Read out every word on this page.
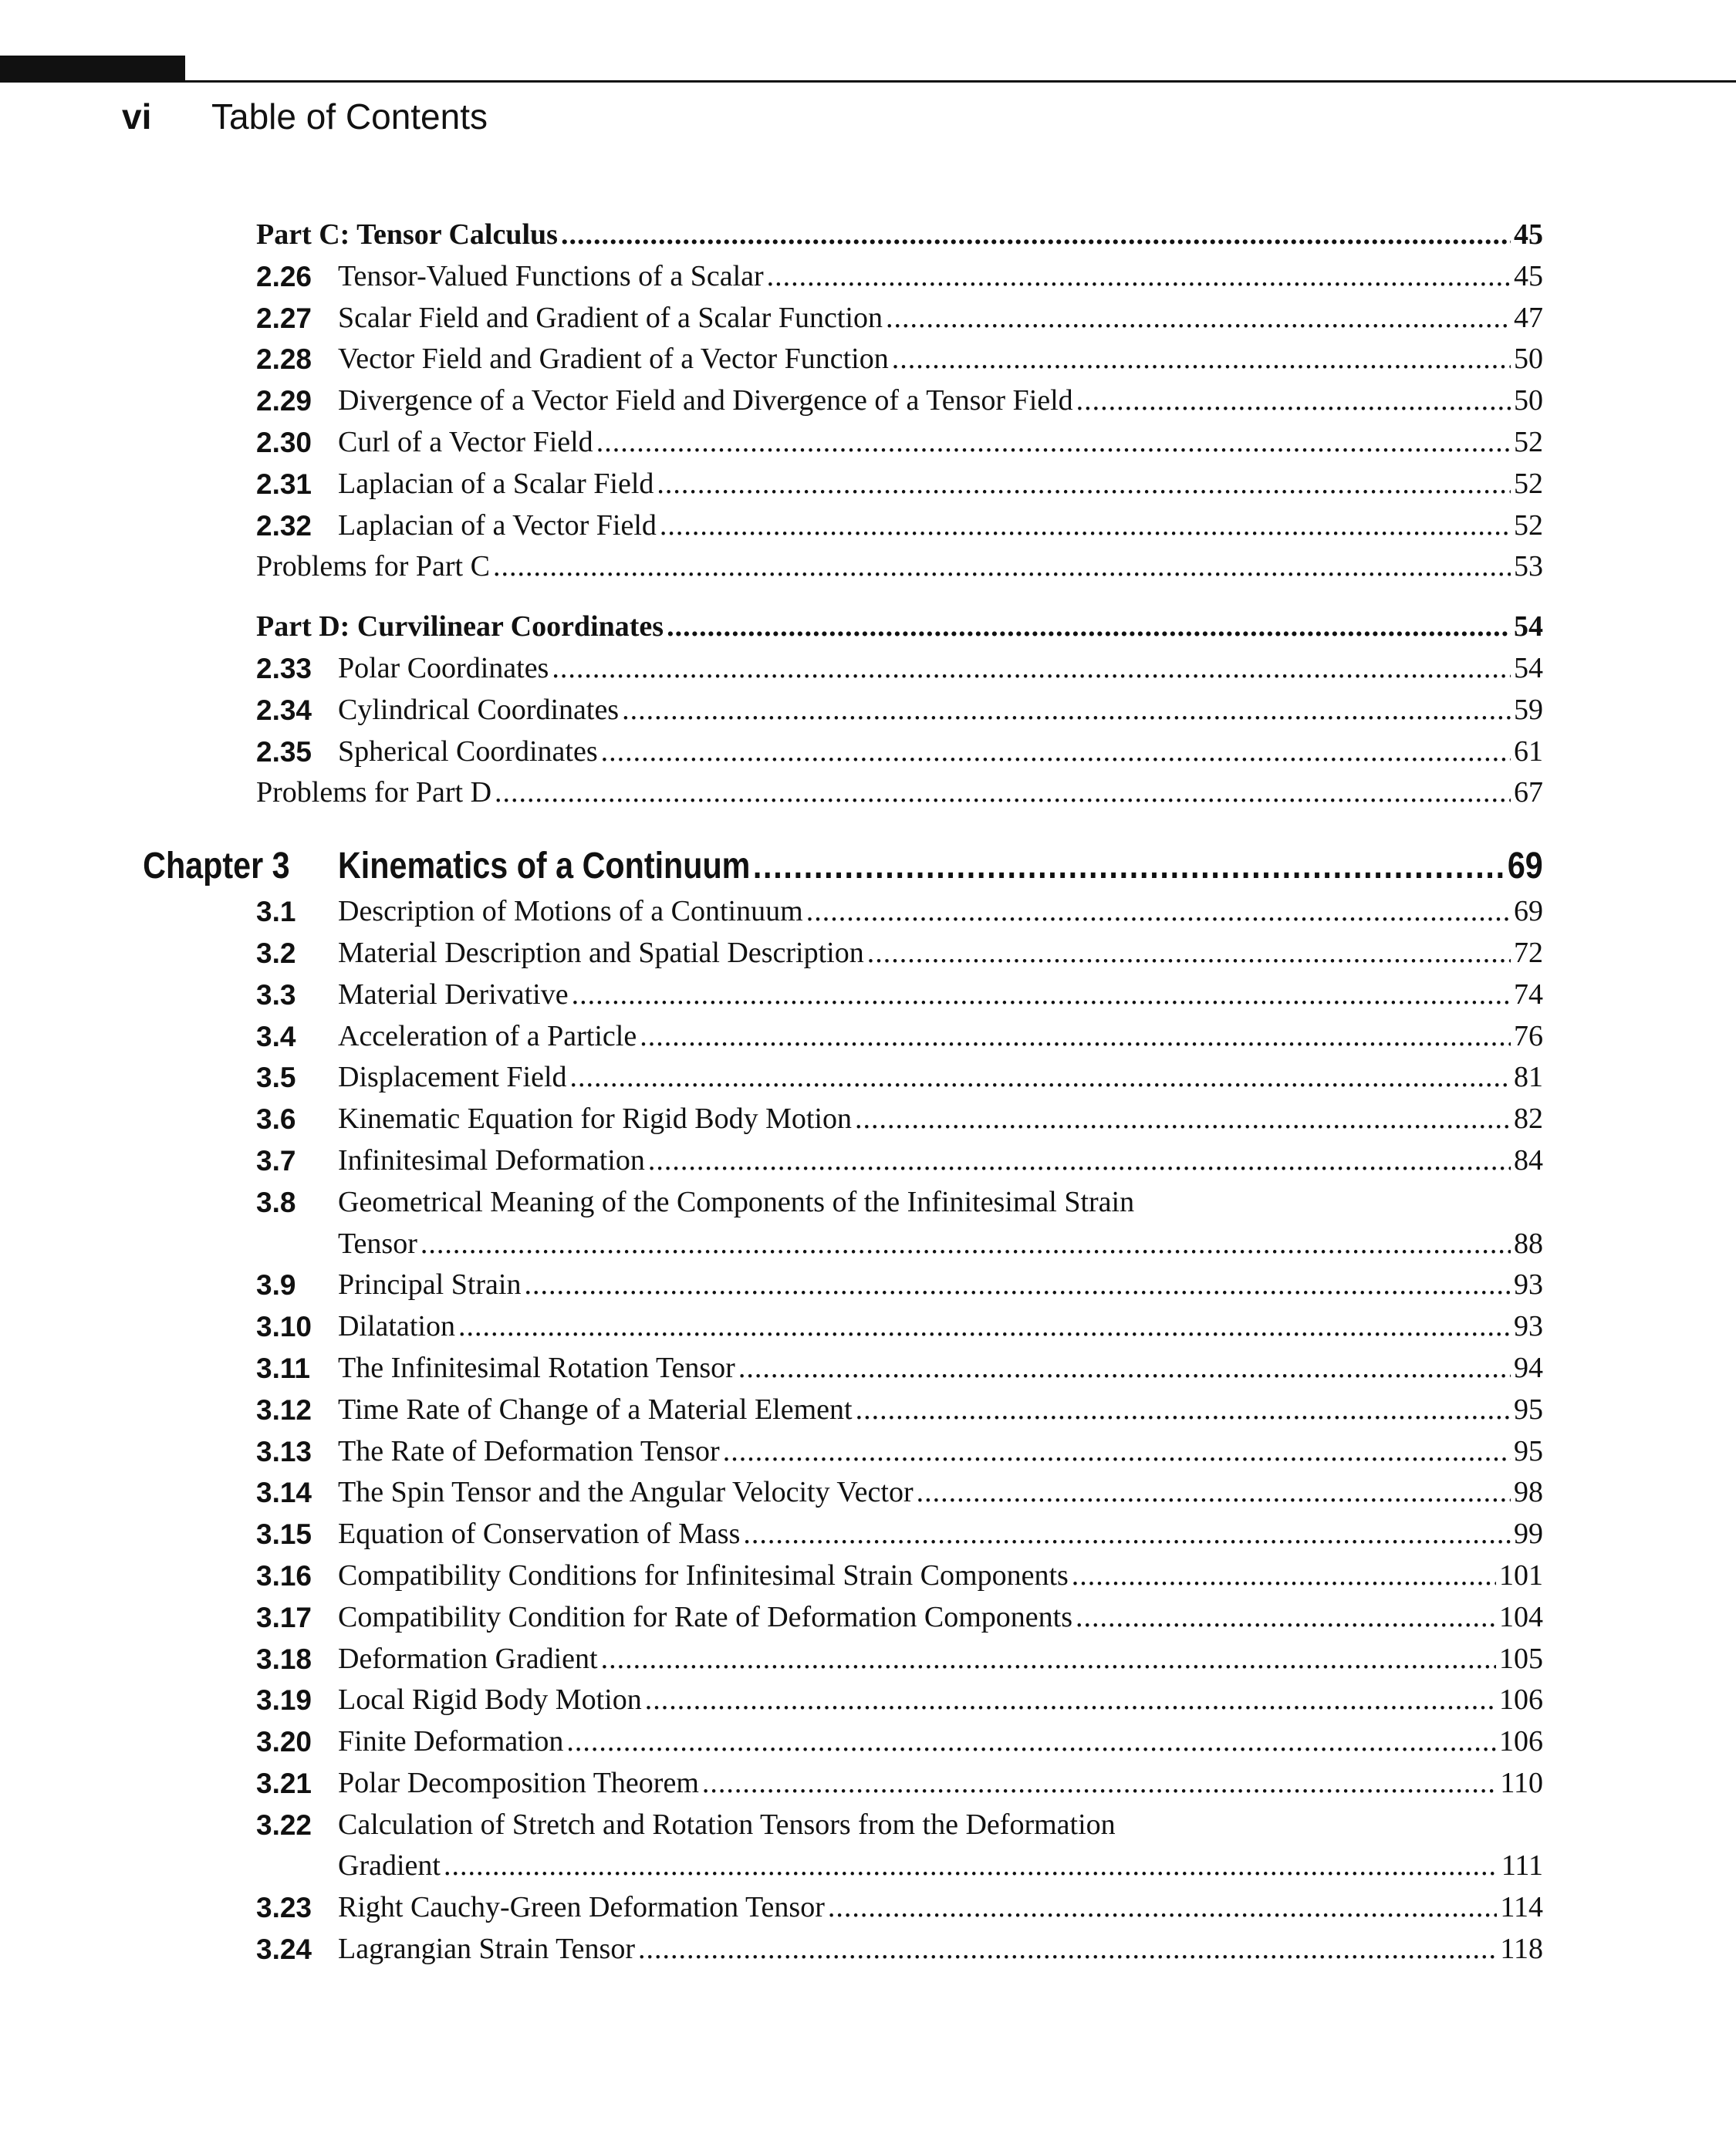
vi Table of Contents
Part C: Tensor Calculus .....	45
2.26 Tensor-Valued Functions of a Scalar .....	45
2.27 Scalar Field and Gradient of a Scalar Function .....	47
2.28 Vector Field and Gradient of a Vector Function .....	50
2.29 Divergence of a Vector Field and Divergence of a Tensor Field .....	50
2.30 Curl of a Vector Field .....	52
2.31 Laplacian of a Scalar Field .....	52
2.32 Laplacian of a Vector Field .....	52
Problems for Part C .....	53
Part D: Curvilinear Coordinates .....	54
2.33 Polar Coordinates .....	54
2.34 Cylindrical Coordinates .....	59
2.35 Spherical Coordinates .....	61
Problems for Part D .....	67
Chapter 3 Kinematics of a Continuum .....	69
3.1 Description of Motions of a Continuum .....	69
3.2 Material Description and Spatial Description .....	72
3.3 Material Derivative .....	74
3.4 Acceleration of a Particle .....	76
3.5 Displacement Field .....	81
3.6 Kinematic Equation for Rigid Body Motion .....	82
3.7 Infinitesimal Deformation .....	84
3.8 Geometrical Meaning of the Components of the Infinitesimal Strain
Tensor .....	88
3.9 Principal Strain .....	93
3.10 Dilatation .....	93
3.11 The Infinitesimal Rotation Tensor .....	94
3.12 Time Rate of Change of a Material Element .....	95
3.13 The Rate of Deformation Tensor .....	95
3.14 The Spin Tensor and the Angular Velocity Vector .....	98
3.15 Equation of Conservation of Mass .....	99
3.16 Compatibility Conditions for Infinitesimal Strain Components .....	101
3.17 Compatibility Condition for Rate of Deformation Components .....	104
3.18 Deformation Gradient .....	105
3.19 Local Rigid Body Motion .....	106
3.20 Finite Deformation .....	106
3.21 Polar Decomposition Theorem .....	110
3.22 Calculation of Stretch and Rotation Tensors from the Deformation
Gradient .....	111
3.23 Right Cauchy-Green Deformation Tensor .....	114
3.24 Lagrangian Strain Tensor .....	118
